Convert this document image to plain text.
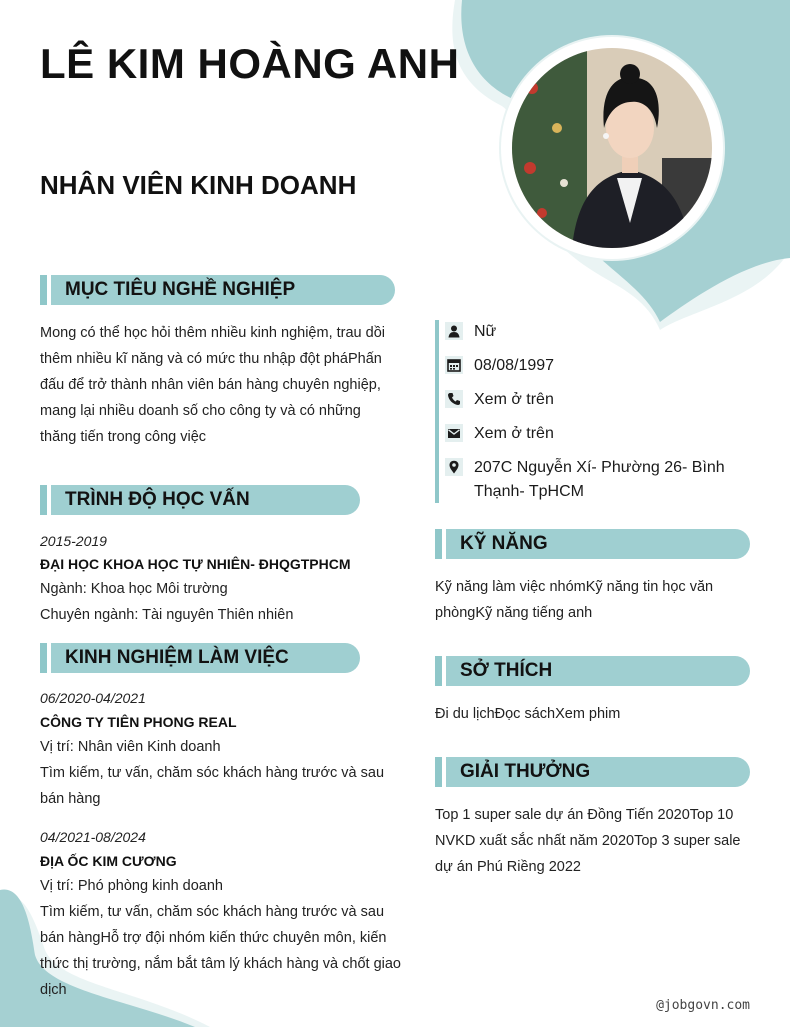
LÊ KIM HOÀNG ANH
NHÂN VIÊN KINH DOANH
MỤC TIÊU NGHỀ NGHIỆP
Mong có thể học hỏi thêm nhiều kinh nghiệm, trau dồi thêm nhiều kĩ năng và có mức thu nhập đột pháPhấn đấu để trở thành nhân viên bán hàng chuyên nghiệp, mang lại nhiều doanh số cho công ty và có những thăng tiến trong công việc
TRÌNH ĐỘ HỌC VẤN
2015-2019
ĐẠI HỌC KHOA HỌC TỰ NHIÊN- ĐHQGTPHCM
Ngành: Khoa học Môi trường
Chuyên ngành: Tài nguyên Thiên nhiên
KINH NGHIỆM LÀM VIỆC
06/2020-04/2021
CÔNG TY TIÊN PHONG REAL
Vị trí: Nhân viên Kinh doanh
Tìm kiếm, tư vấn, chăm sóc khách hàng trước và sau bán hàng
04/2021-08/2024
ĐỊA ỐC KIM CƯƠNG
Vị trí: Phó phòng kinh doanh
Tìm kiếm, tư vấn, chăm sóc khách hàng trước và sau bán hàngHỗ trợ đội nhóm kiến thức chuyên môn, kiến thức thị trường, nắm bắt tâm lý khách hàng và chốt giao dịch
Nữ
08/08/1997
Xem ở trên
Xem ở trên
207C Nguyễn Xí- Phường 26- Bình Thạnh- TpHCM
KỸ NĂNG
Kỹ năng làm việc nhómKỹ năng tin học văn phòngKỹ năng tiếng anh
SỞ THÍCH
Đi du lịchĐọc sáchXem phim
GIẢI THƯỞNG
Top 1 super sale dự án Đồng Tiến 2020Top 10 NVKD xuất sắc nhất năm 2020Top 3 super sale dự án Phú Riềng 2022
@jobgovn.com
